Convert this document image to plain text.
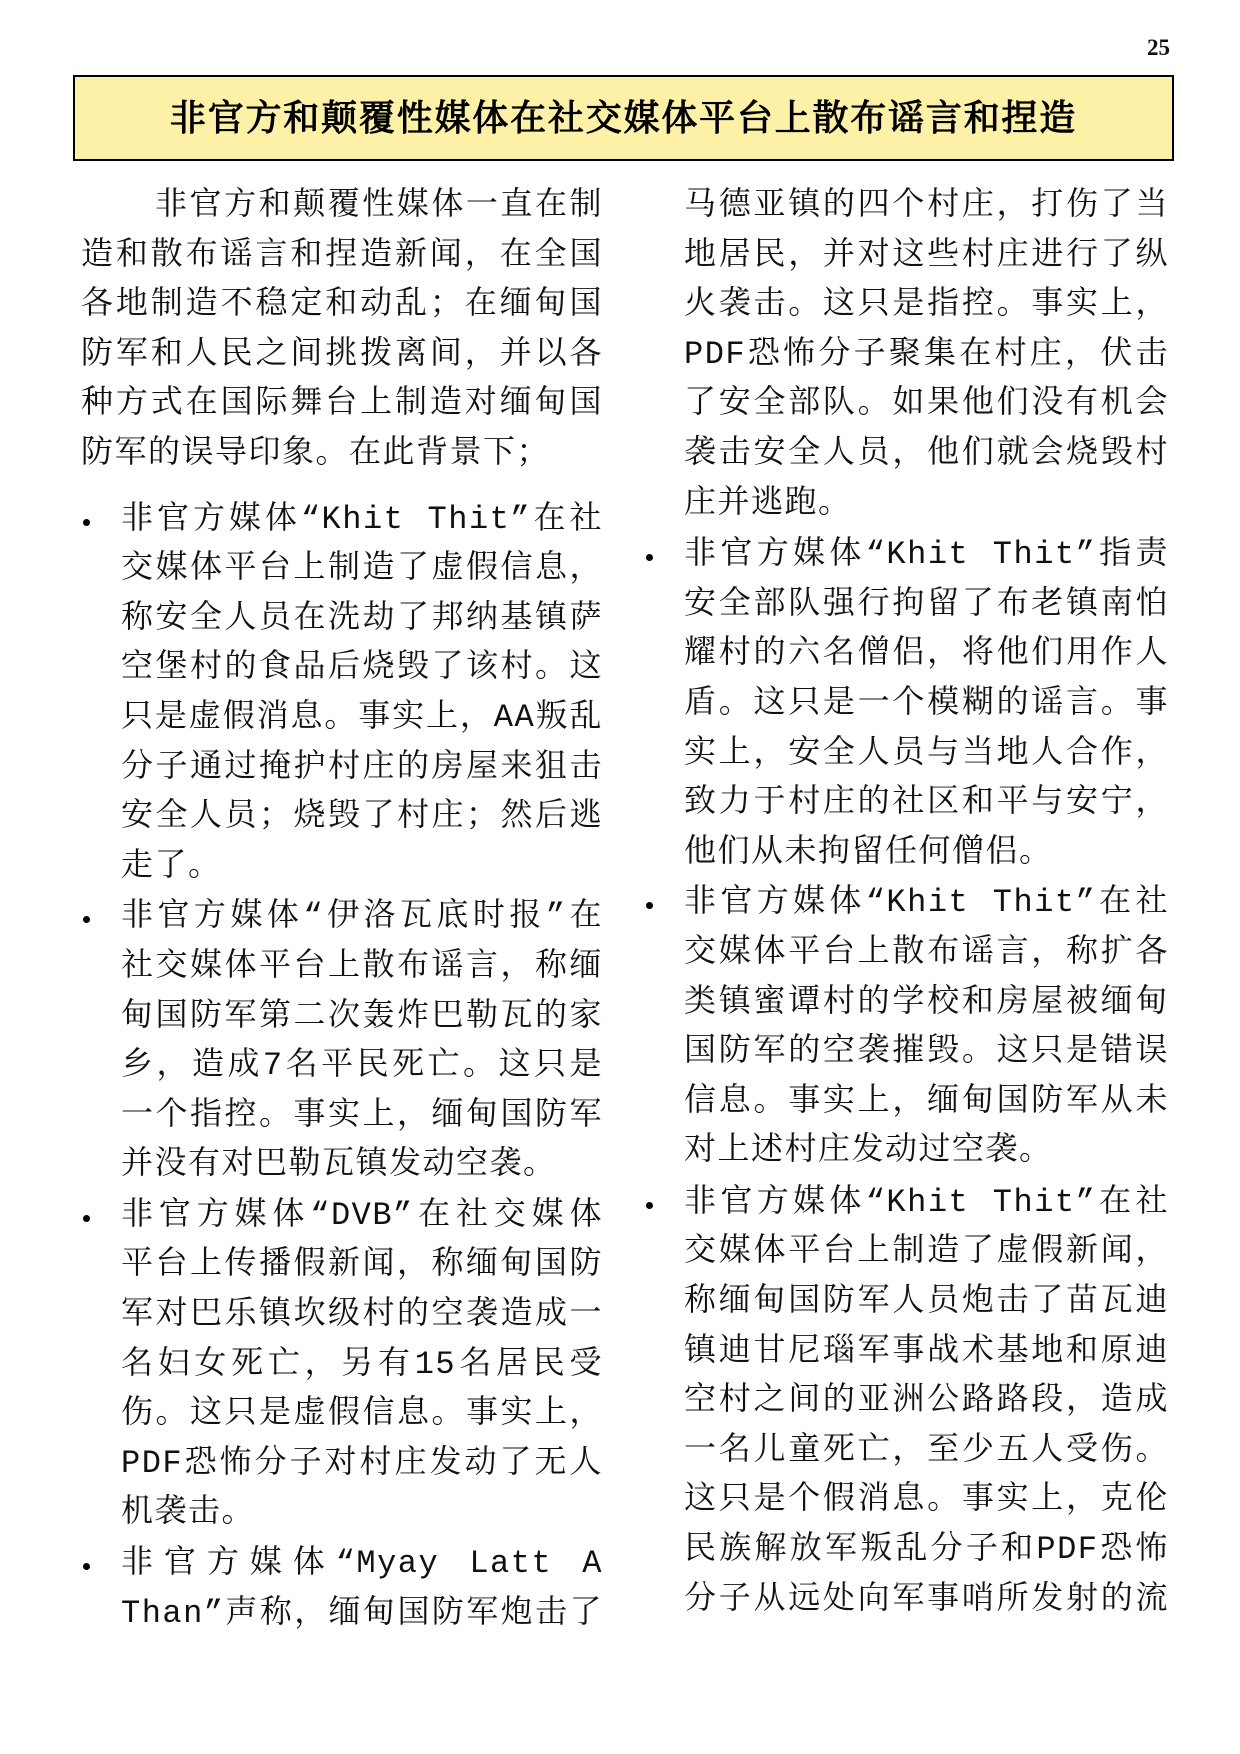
25
非官方和颠覆性媒体在社交媒体平台上散布谣言和捏造
非官方和颠覆性媒体一直在制
造和散布谣言和捏造新闻，在全国
各地制造不稳定和动乱；在缅甸国
防军和人民之间挑拨离间，并以各
种方式在国际舞台上制造对缅甸国
防军的误导印象。在此背景下；
非官方媒体“Khit Thit”在社
交媒体平台上制造了虚假信息，
称安全人员在洗劫了邦纳基镇萨
空堡村的食品后烧毁了该村。这
只是虚假消息。事实上，AA叛乱
分子通过掩护村庄的房屋来狙击
安全人员；烧毁了村庄；然后逃
走了。
非官方媒体“伊洛瓦底时报”在
社交媒体平台上散布谣言，称缅
甸国防军第二次轰炸巴勒瓦的家
乡，造成7名平民死亡。这只是
一个指控。事实上，缅甸国防军
并没有对巴勒瓦镇发动空袭。
非官方媒体“DVB”在社交媒体
平台上传播假新闻，称缅甸国防
军对巴乐镇坎级村的空袭造成一
名妇女死亡，另有15名居民受
伤。这只是虚假信息。事实上，
PDF恐怖分子对村庄发动了无人
机袭击。
非官方媒体“Myay Latt A
Than”声称，缅甸国防军炮击了
马德亚镇的四个村庄，打伤了当
地居民，并对这些村庄进行了纵
火袭击。这只是指控。事实上，
PDF恐怖分子聚集在村庄，伏击
了安全部队。如果他们没有机会
袭击安全人员，他们就会烧毁村
庄并逃跑。
非官方媒体“Khit Thit”指责
安全部队强行拘留了布老镇南怕
耀村的六名僧侣，将他们用作人
盾。这只是一个模糊的谣言。事
实上，安全人员与当地人合作，
致力于村庄的社区和平与安宁，
他们从未拘留任何僧侣。
非官方媒体“Khit Thit”在社
交媒体平台上散布谣言，称扩各
类镇蜜谭村的学校和房屋被缅甸
国防军的空袭摧毁。这只是错误
信息。事实上，缅甸国防军从未
对上述村庄发动过空袭。
非官方媒体“Khit Thit”在社
交媒体平台上制造了虚假新闻，
称缅甸国防军人员炮击了苗瓦迪
镇迪甘尼瑙军事战术基地和原迪
空村之间的亚洲公路路段，造成
一名儿童死亡，至少五人受伤。
这只是个假消息。事实上，克伦
民族解放军叛乱分子和PDF恐怖
分子从远处向军事哨所发射的流
